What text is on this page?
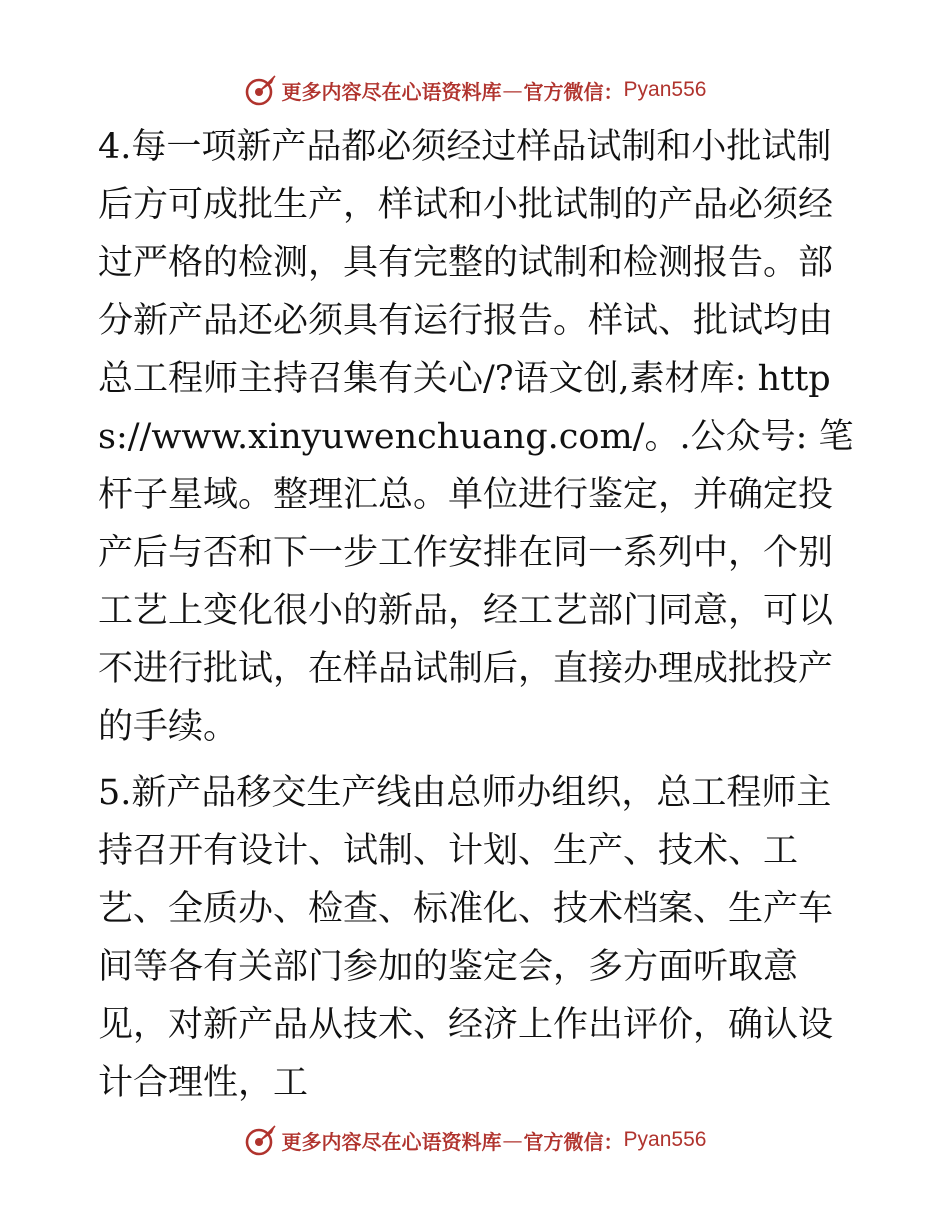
更多内容尽在心语资料库 — 官方微信： Pyan556

4.每一项新产品都必须经过样品试制和小批试制后方可成批生产，样试和小批试制的产品必须经过严格的检测，具有完整的试制和检测报告。部分新产品还必须具有运行报告。样试、批试均由总工程师主持召集有关心/?语文创,素材库: https://www.xinyuwenchuang.com/。.公众号: 笔杆子星域。整理汇总。单位进行鉴定，并确定投产后与否和下一步工作安排在同一系列中，个别工艺上变化很小的新品，经工艺部门同意，可以不进行批试，在样品试制后，直接办理成批投产的手续。

5.新产品移交生产线由总师办组织，总工程师主持召开有设计、试制、计划、生产、技术、工艺、全质办、检查、标准化、技术档案、生产车间等各有关部门参加的鉴定会，多方面听取意见，对新产品从技术、经济上作出评价，确认设计合理性，工

更多内容尽在心语资料库 — 官方微信： Pyan556
